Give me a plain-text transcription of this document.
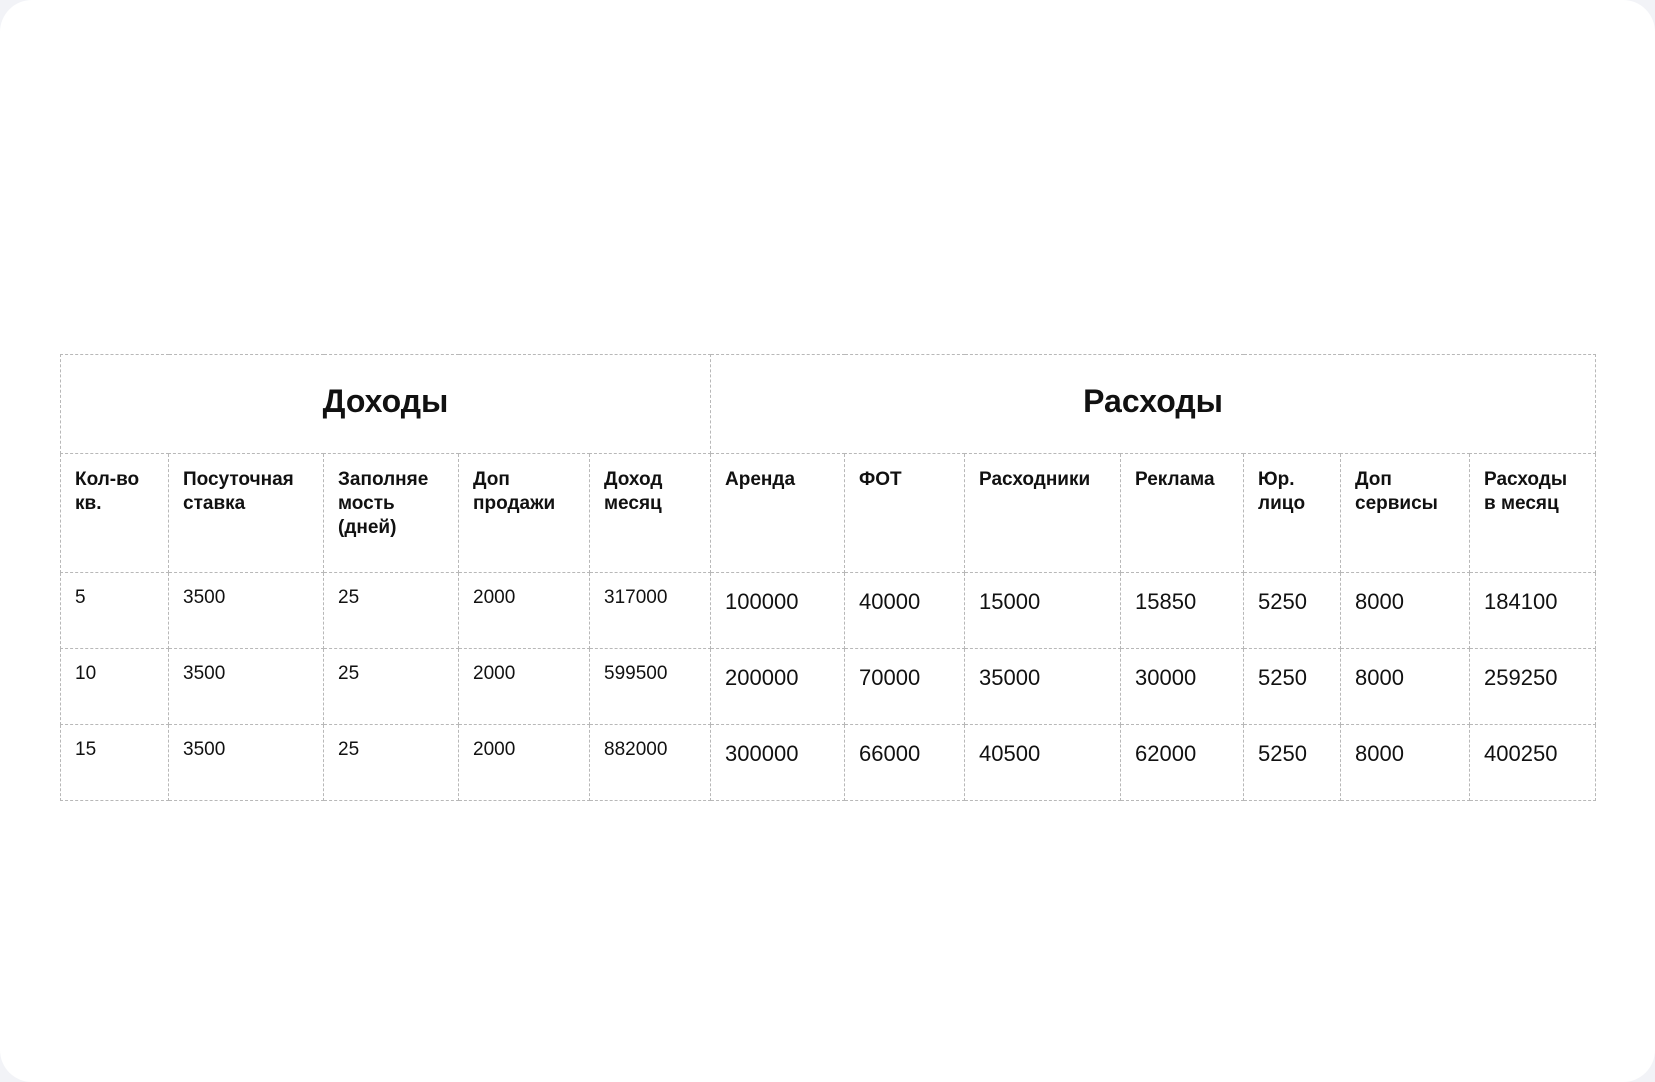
Доходы					Расходы						
Кол-во кв.	Посуточная ставка	Заполняе мость (дней)	Доп продажи	Доход месяц	Аренда	ФОТ	Расходники	Реклама	Юр. лицо	Доп сервисы	Расходы в месяц
5	3500	25	2000	317000	100000	40000	15000	15850	5250	8000	184100
10	3500	25	2000	599500	200000	70000	35000	30000	5250	8000	259250
15	3500	25	2000	882000	300000	66000	40500	62000	5250	8000	400250
